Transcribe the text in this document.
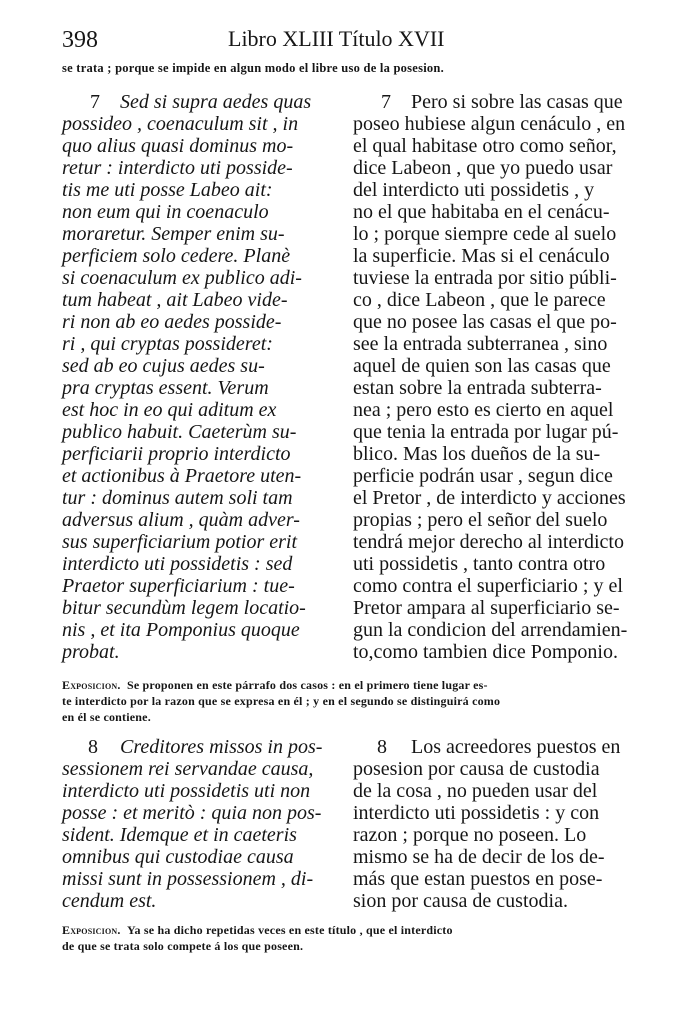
398	Libro XLIII Título XVII
se trata ; porque se impide en algun modo el libre uso de la posesion.
7 Sed si supra aedes quas
possideo , coenaculum sit , in
quo alius quasi dominus mo-
retur : interdicto uti posside-
tis me uti posse Labeo ait:
non eum qui in coenaculo
moraretur. Semper enim su-
perficiem solo cedere. Planè
si coenaculum ex publico adi-
tum habeat , ait Labeo vide-
ri non ab eo aedes posside-
ri , qui cryptas possideret:
sed ab eo cujus aedes su-
pra cryptas essent. Verum
est hoc in eo qui aditum ex
publico habuit. Caeterùm su-
perficiarii proprio interdicto
et actionibus à Praetore uten-
tur : dominus autem soli tam
adversus alium , quàm adver-
sus superficiarium potior erit
interdicto uti possidetis : sed
Praetor superficiarium : tue-
bitur secundùm legem locatio-
nis , et ita Pomponius quoque
probat.
7 Pero si sobre las casas que
poseo hubiese algun cenáculo , en
el qual habitase otro como señor,
dice Labeon , que yo puedo usar
del interdicto uti possidetis , y
no el que habitaba en el cenácu-
lo ; porque siempre cede al suelo
la superficie. Mas si el cenáculo
tuviese la entrada por sitio públi-
co , dice Labeon , que le parece
que no posee las casas el que po-
see la entrada subterranea , sino
aquel de quien son las casas que
estan sobre la entrada subterra-
nea ; pero esto es cierto en aquel
que tenia la entrada por lugar pú-
blico. Mas los dueños de la su-
perficie podrán usar , segun dice
el Pretor , de interdicto y acciones
propias ; pero el señor del suelo
tendrá mejor derecho al interdicto
uti possidetis , tanto contra otro
como contra el superficiario ; y el
Pretor ampara al superficiario se-
gun la condicion del arrendamien-
to,como tambien dice Pomponio.
Exposicion. Se proponen en este párrafo dos casos : en el primero tiene lugar es-
te interdicto por la razon que se expresa en él ; y en el segundo se distinguirá como
en él se contiene.
8 Creditores missos in pos-
sessionem rei servandae causa,
interdicto uti possidetis uti non
posse : et meritò : quia non pos-
sident. Idemque et in caeteris
omnibus qui custodiae causa
missi sunt in possessionem , di-
cendum est.
8 Los acreedores puestos en
posesion por causa de custodia
de la cosa , no pueden usar del
interdicto uti possidetis : y con
razon ; porque no poseen. Lo
mismo se ha de decir de los de-
más que estan puestos en pose-
sion por causa de custodia.
Exposicion. Ya se ha dicho repetidas veces en este título , que el interdicto
de que se trata solo compete á los que poseen.
